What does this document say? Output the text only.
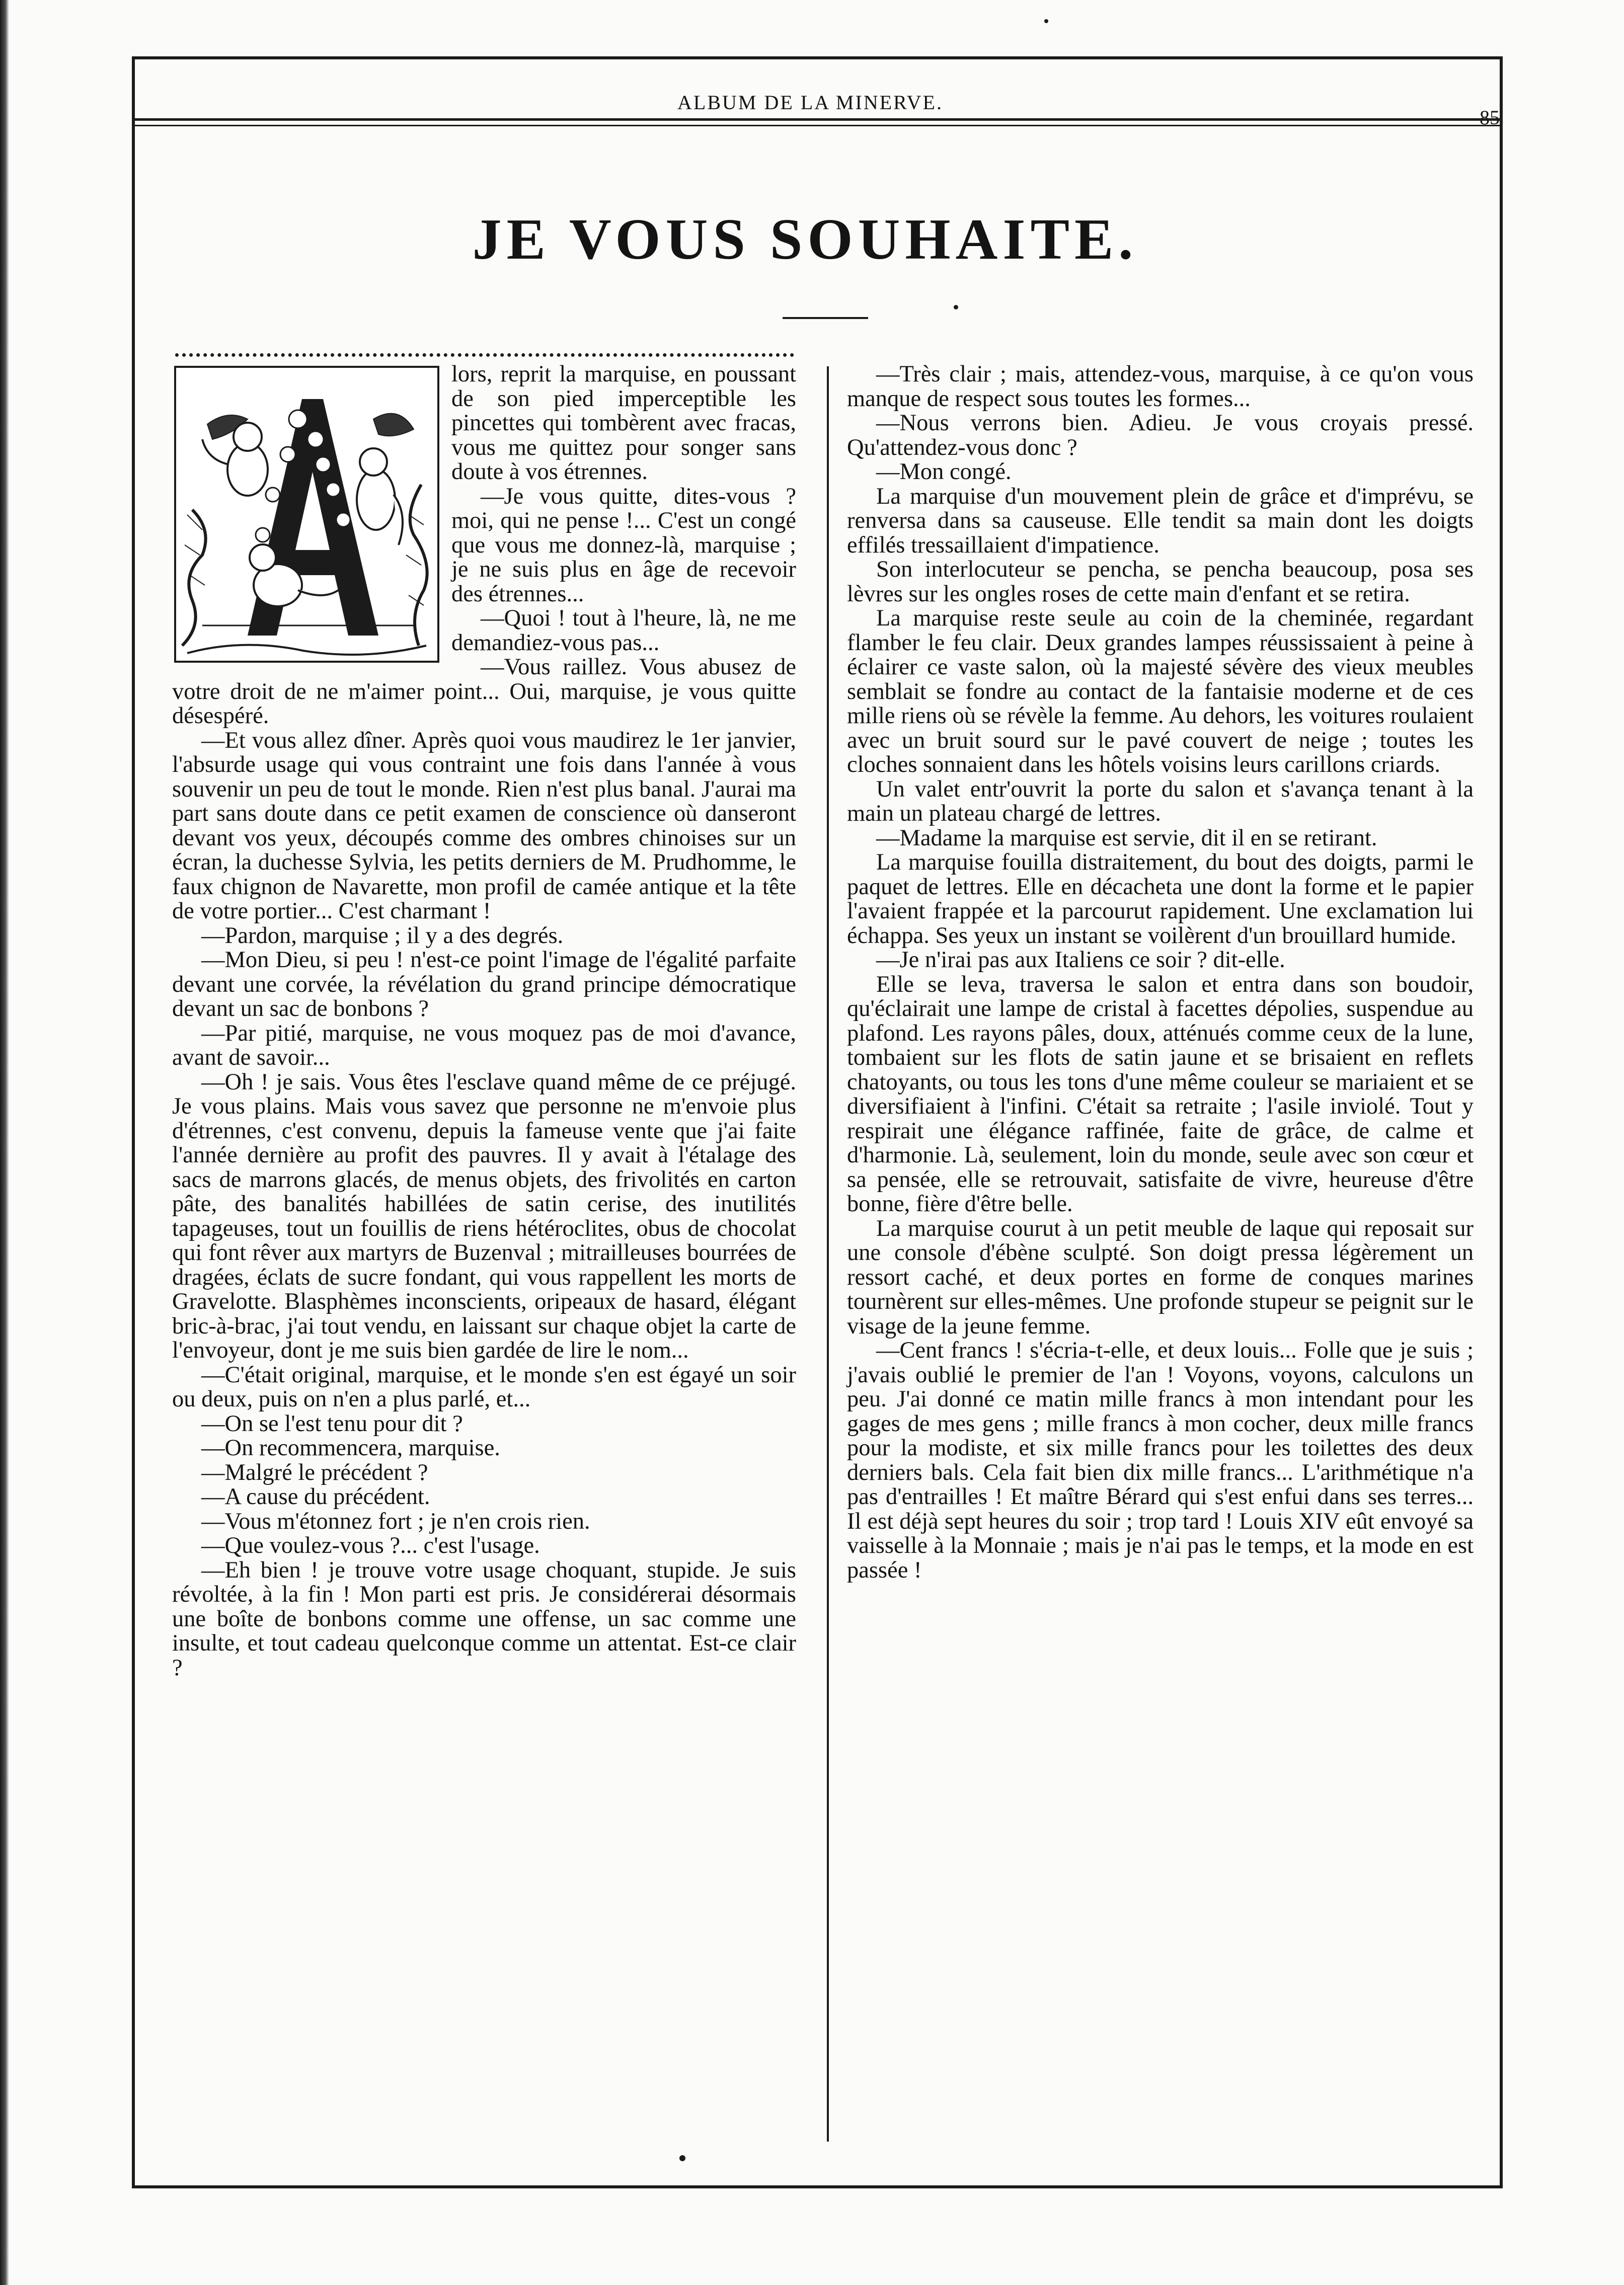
ALBUM DE LA MINERVE.
85
JE VOUS SOUHAITE.

lors, reprit la marquise, en poussant de son pied imperceptible les pincettes qui tombèrent avec fracas, vous me quittez pour songer sans doute à vos étrennes.

—Je vous quitte, dites-vous ? moi, qui ne pense !... C'est un congé que vous me donnez-là, marquise ; je ne suis plus en âge de recevoir des étrennes...

—Quoi ! tout à l'heure, là, ne me demandiez-vous pas...

—Vous raillez. Vous abusez de votre droit de ne m'aimer point... Oui, marquise, je vous quitte désespéré.

—Et vous allez dîner. Après quoi vous maudirez le 1er janvier, l'absurde usage qui vous contraint une fois dans l'année à vous souvenir un peu de tout le monde. Rien n'est plus banal. J'aurai ma part sans doute dans ce petit examen de conscience où danseront devant vos yeux, découpés comme des ombres chinoises sur un écran, la duchesse Sylvia, les petits derniers de M. Prudhomme, le faux chignon de Navarette, mon profil de camée antique et la tête de votre portier... C'est charmant !

—Pardon, marquise ; il y a des degrés.

—Mon Dieu, si peu ! n'est-ce point l'image de l'égalité parfaite devant une corvée, la révélation du grand principe démocratique devant un sac de bonbons ?

—Par pitié, marquise, ne vous moquez pas de moi d'avance, avant de savoir...

—Oh ! je sais. Vous êtes l'esclave quand même de ce préjugé. Je vous plains. Mais vous savez que personne ne m'envoie plus d'étrennes, c'est convenu, depuis la fameuse vente que j'ai faite l'année dernière au profit des pauvres. Il y avait à l'étalage des sacs de marrons glacés, de menus objets, des frivolités en carton pâte, des banalités habillées de satin cerise, des inutilités tapageuses, tout un fouillis de riens hétéroclites, obus de chocolat qui font rêver aux martyrs de Buzenval ; mitrailleuses bourrées de dragées, éclats de sucre fondant, qui vous rappellent les morts de Gravelotte. Blasphèmes inconscients, oripeaux de hasard, élégant bric-à-brac, j'ai tout vendu, en laissant sur chaque objet la carte de l'envoyeur, dont je me suis bien gardée de lire le nom...

—C'était original, marquise, et le monde s'en est égayé un soir ou deux, puis on n'en a plus parlé, et...

—On se l'est tenu pour dit ?

—On recommencera, marquise.

—Malgré le précédent ?

—A cause du précédent.

—Vous m'étonnez fort ; je n'en crois rien.

—Que voulez-vous ?... c'est l'usage.

—Eh bien ! je trouve votre usage choquant, stupide. Je suis révoltée, à la fin ! Mon parti est pris. Je considérerai désormais une boîte de bonbons comme une offense, un sac comme une insulte, et tout cadeau quelconque comme un attentat. Est-ce clair ?

—Très clair ; mais, attendez-vous, marquise, à ce qu'on vous manque de respect sous toutes les formes...

—Nous verrons bien. Adieu. Je vous croyais pressé. Qu'attendez-vous donc ?

—Mon congé.

La marquise d'un mouvement plein de grâce et d'imprévu, se renversa dans sa causeuse. Elle tendit sa main dont les doigts effilés tressaillaient d'impatience.

Son interlocuteur se pencha, se pencha beaucoup, posa ses lèvres sur les ongles roses de cette main d'enfant et se retira.

La marquise reste seule au coin de la cheminée, regardant flamber le feu clair. Deux grandes lampes réussissaient à peine à éclairer ce vaste salon, où la majesté sévère des vieux meubles semblait se fondre au contact de la fantaisie moderne et de ces mille riens où se révèle la femme. Au dehors, les voitures roulaient avec un bruit sourd sur le pavé couvert de neige ; toutes les cloches sonnaient dans les hôtels voisins leurs carillons criards.

Un valet entr'ouvrit la porte du salon et s'avança tenant à la main un plateau chargé de lettres.

—Madame la marquise est servie, dit il en se retirant.

La marquise fouilla distraitement, du bout des doigts, parmi le paquet de lettres. Elle en décacheta une dont la forme et le papier l'avaient frappée et la parcourut rapidement. Une exclamation lui échappa. Ses yeux un instant se voilèrent d'un brouillard humide.

—Je n'irai pas aux Italiens ce soir ? dit-elle.

Elle se leva, traversa le salon et entra dans son boudoir, qu'éclairait une lampe de cristal à facettes dépolies, suspendue au plafond. Les rayons pâles, doux, atténués comme ceux de la lune, tombaient sur les flots de satin jaune et se brisaient en reflets chatoyants, ou tous les tons d'une même couleur se mariaient et se diversifiaient à l'infini. C'était sa retraite ; l'asile inviolé. Tout y respirait une élégance raffinée, faite de grâce, de calme et d'harmonie. Là, seulement, loin du monde, seule avec son cœur et sa pensée, elle se retrouvait, satisfaite de vivre, heureuse d'être bonne, fière d'être belle.

La marquise courut à un petit meuble de laque qui reposait sur une console d'ébène sculpté. Son doigt pressa légèrement un ressort caché, et deux portes en forme de conques marines tournèrent sur elles-mêmes. Une profonde stupeur se peignit sur le visage de la jeune femme.

—Cent francs ! s'écria-t-elle, et deux louis... Folle que je suis ; j'avais oublié le premier de l'an ! Voyons, voyons, calculons un peu. J'ai donné ce matin mille francs à mon intendant pour les gages de mes gens ; mille francs à mon cocher, deux mille francs pour la modiste, et six mille francs pour les toilettes des deux derniers bals. Cela fait bien dix mille francs... L'arithmétique n'a pas d'entrailles ! Et maître Bérard qui s'est enfui dans ses terres... Il est déjà sept heures du soir ; trop tard ! Louis XIV eût envoyé sa vaisselle à la Monnaie ; mais je n'ai pas le temps, et la mode en est passée !
